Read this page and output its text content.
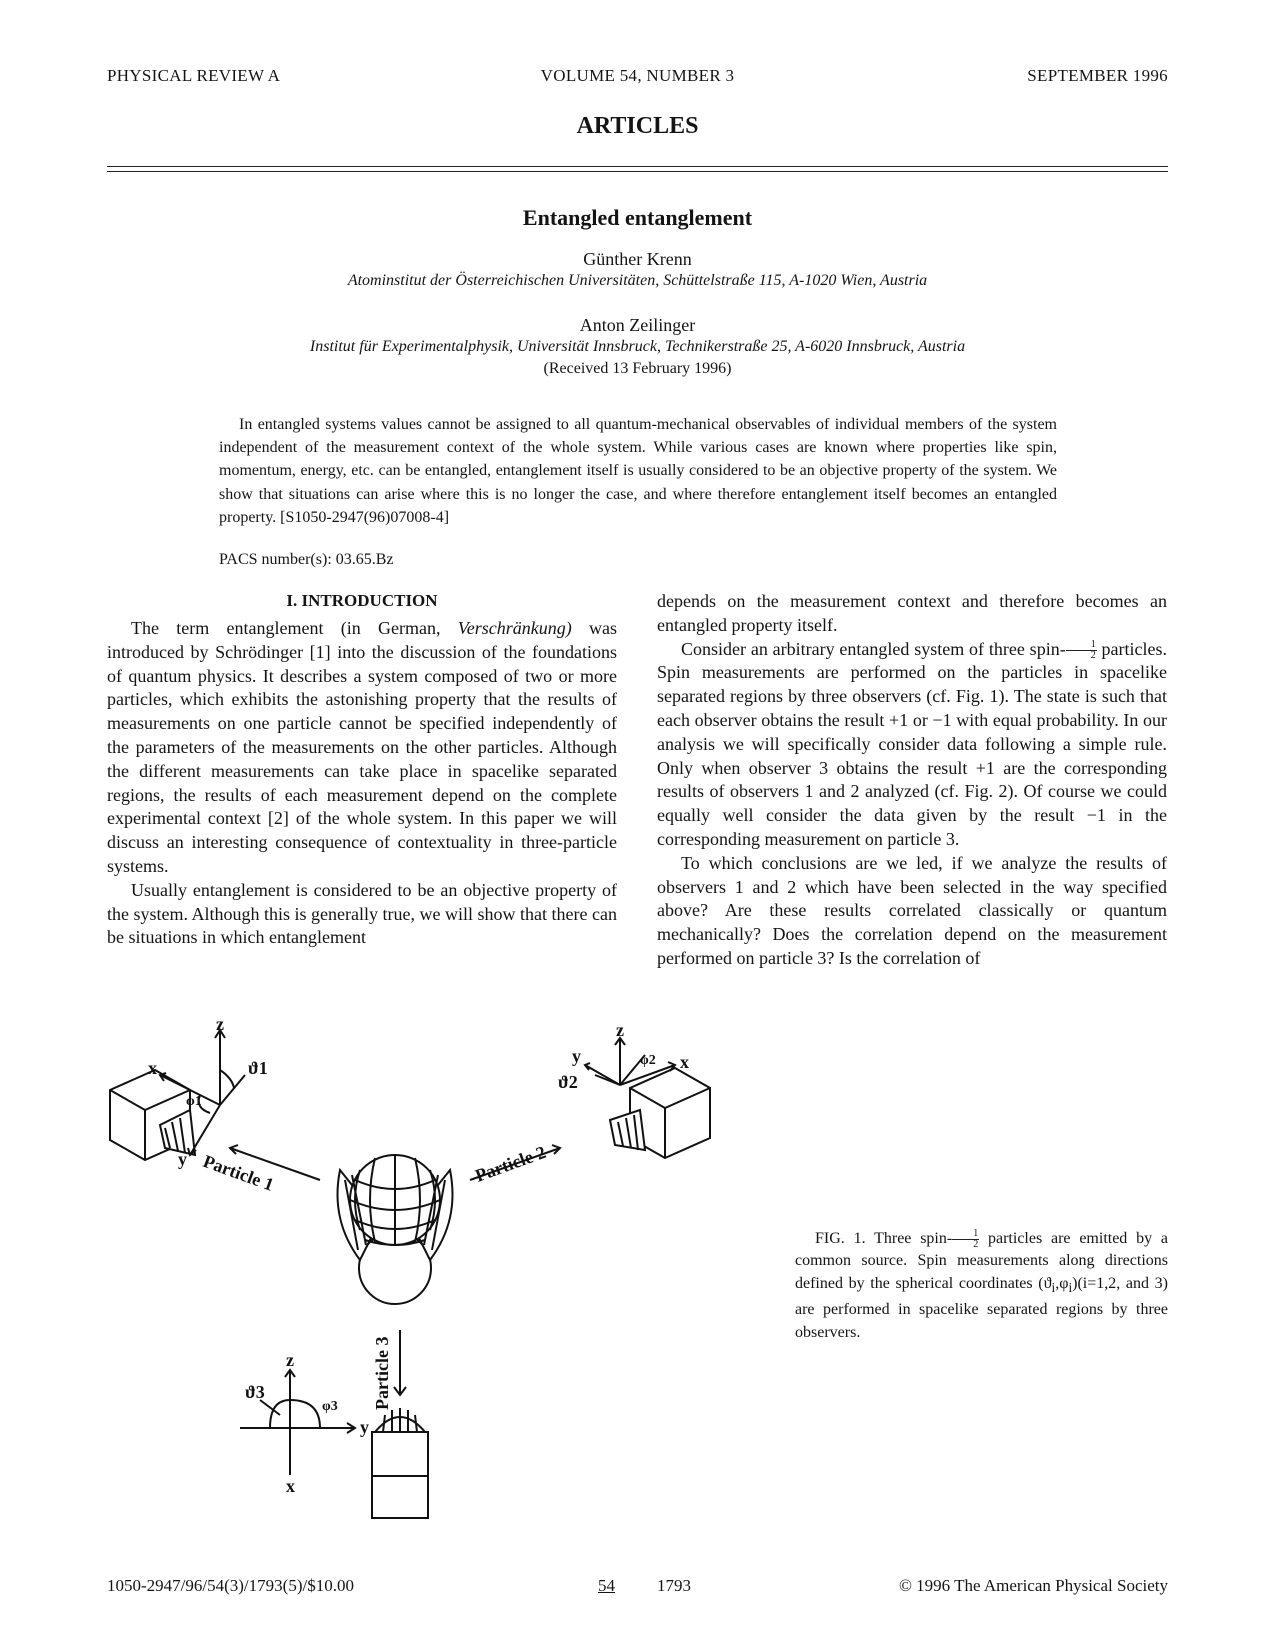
PHYSICAL REVIEW A	VOLUME 54, NUMBER 3	SEPTEMBER 1996
ARTICLES
Entangled entanglement
Günther Krenn
Atominstitut der Österreichischen Universitäten, Schüttelstraße 115, A-1020 Wien, Austria
Anton Zeilinger
Institut für Experimentalphysik, Universität Innsbruck, Technikerstraße 25, A-6020 Innsbruck, Austria
(Received 13 February 1996)
In entangled systems values cannot be assigned to all quantum-mechanical observables of individual members of the system independent of the measurement context of the whole system. While various cases are known where properties like spin, momentum, energy, etc. can be entangled, entanglement itself is usually considered to be an objective property of the system. We show that situations can arise where this is no longer the case, and where therefore entanglement itself becomes an entangled property. [S1050-2947(96)07008-4]
PACS number(s): 03.65.Bz
I. INTRODUCTION

The term entanglement (in German, Verschränkung) was introduced by Schrödinger [1] into the discussion of the foundations of quantum physics. It describes a system composed of two or more particles, which exhibits the astonishing property that the results of measurements on one particle cannot be specified independently of the parameters of the measurements on the other particles. Although the different measurements can take place in spacelike separated regions, the results of each measurement depend on the complete experimental context [2] of the whole system. In this paper we will discuss an interesting consequence of contextuality in three-particle systems.

Usually entanglement is considered to be an objective property of the system. Although this is generally true, we will show that there can be situations in which entanglement

depends on the measurement context and therefore becomes an entangled property itself.

Consider an arbitrary entangled system of three spin- $\frac{1}{2}$ particles. Spin measurements are performed on the particles in spacelike separated regions by three observers (cf. Fig. 1). The state is such that each observer obtains the result +1 or −1 with equal probability. In our analysis we will specifically consider data following a simple rule. Only when observer 3 obtains the result +1 are the corresponding results of observers 1 and 2 analyzed (cf. Fig. 2). Of course we could equally well consider the data given by the result −1 in the corresponding measurement on particle 3.

To which conclusions are we led, if we analyze the results of observers 1 and 2 which have been selected in the way specified above? Are these results correlated classically or quantum mechanically? Does the correlation depend on the measurement performed on particle 3? Is the correlation of

Particle 1	Particle 2
Particle 3
z
x
y
ϑ1
φ1
z
x
y
ϑ2
φ2
z
x
y
ϑ3
φ3
FIG. 1. Three spin- $\frac{1}{2}$ particles are emitted by a common source. Spin measurements along directions defined by the spherical coordinates $(ϑ_i,\varphi_i)(i=1,2$, and 3) are performed in spacelike separated regions by three observers.
1050-2947/96/54(3)/1793(5)/$10.00	54 1793	© 1996 The American Physical Society
